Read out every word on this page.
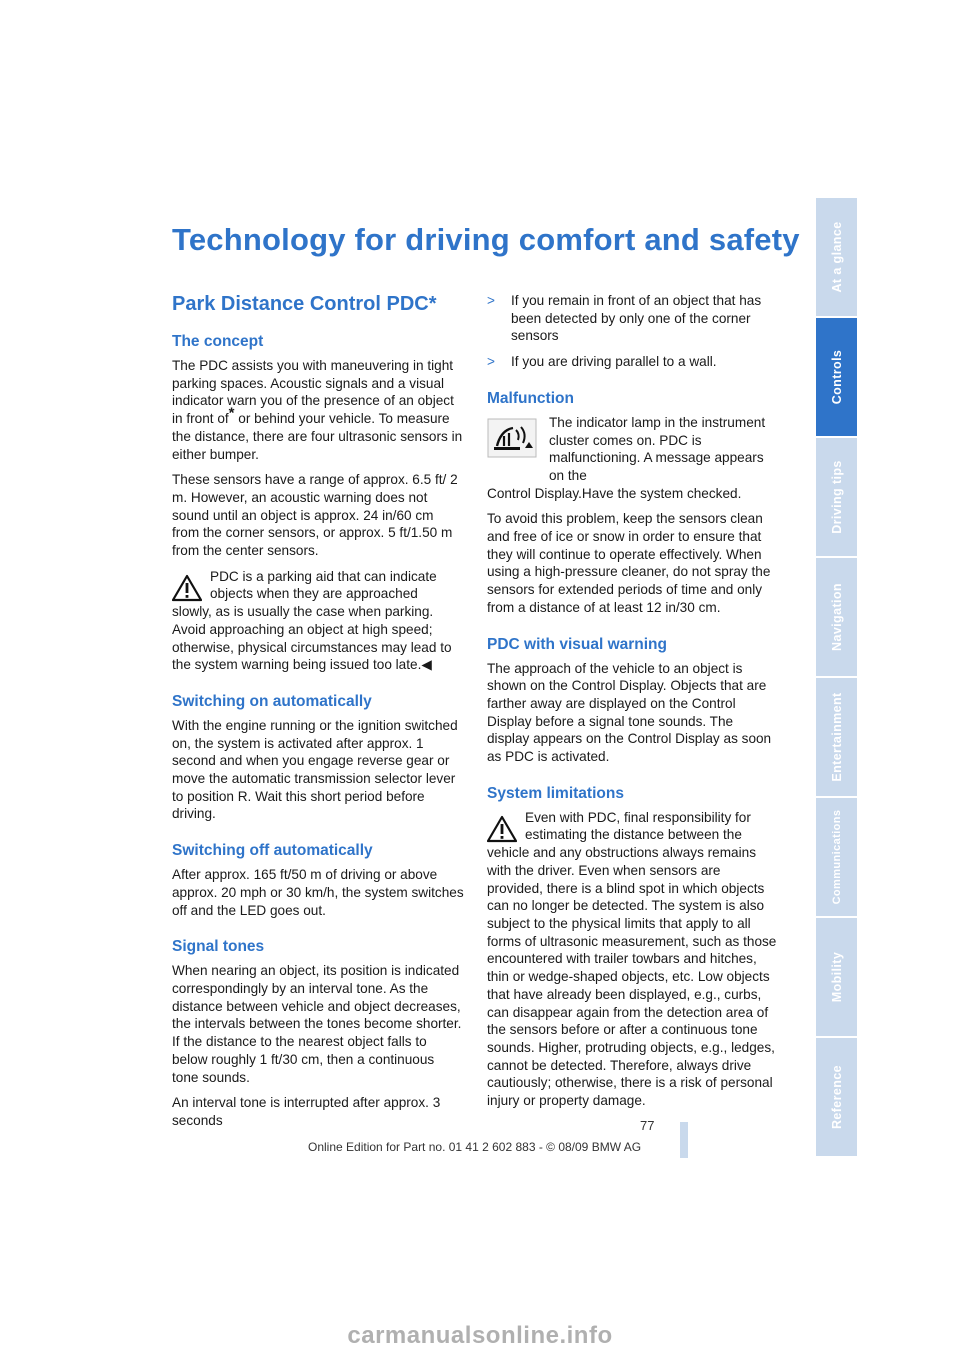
Technology for driving comfort and safety
Park Distance Control PDC*
The concept

The PDC assists you with maneuvering in tight parking spaces. Acoustic signals and a visual indicator warn you of the presence of an object in front of* or behind your vehicle. To measure the distance, there are four ultrasonic sensors in either bumper.

These sensors have a range of approx. 6.5 ft/ 2 m. However, an acoustic warning does not sound until an object is approx. 24 in/60 cm from the corner sensors, or approx. 5 ft/1.50 m from the center sensors.

PDC is a parking aid that can indicate objects when they are approached

slowly, as is usually the case when parking. Avoid approaching an object at high speed; otherwise, physical circumstances may lead to the system warning being issued too late.◀

Switching on automatically

With the engine running or the ignition switched on, the system is activated after approx. 1 second and when you engage reverse gear or move the automatic transmission selector lever to position R. Wait this short period before driving.

Switching off automatically

After approx. 165 ft/50 m of driving or above approx. 20 mph or 30 km/h, the system switches off and the LED goes out.

Signal tones

When nearing an object, its position is indicated correspondingly by an interval tone. As the distance between vehicle and object decreases, the intervals between the tones become shorter. If the distance to the nearest object falls to below roughly 1 ft/30 cm, then a continuous tone sounds.

An interval tone is interrupted after approx. 3 seconds

> If you remain in front of an object that has been detected by only one of the corner sensors
> If you are driving parallel to a wall.
Malfunction

The indicator lamp in the instrument cluster comes on. PDC is malfunctioning. A message appears on the

Control Display.Have the system checked.

To avoid this problem, keep the sensors clean and free of ice or snow in order to ensure that they will continue to operate effectively. When using a high-pressure cleaner, do not spray the sensors for extended periods of time and only from a distance of at least 12 in/30 cm.

PDC with visual warning

The approach of the vehicle to an object is shown on the Control Display. Objects that are farther away are displayed on the Control Display before a signal tone sounds. The display appears on the Control Display as soon as PDC is activated.

System limitations

Even with PDC, final responsibility for estimating the distance between the

vehicle and any obstructions always remains with the driver. Even when sensors are provided, there is a blind spot in which objects can no longer be detected. The system is also subject to the physical limits that apply to all forms of ultrasonic measurement, such as those encountered with trailer towbars and hitches, thin or wedge-shaped objects, etc. Low objects that have already been displayed, e.g., curbs, can disappear again from the detection area of the sensors before or after a continuous tone sounds. Higher, protruding objects, e.g., ledges, cannot be detected. Therefore, always drive cautiously; otherwise, there is a risk of personal injury or property damage.

77
Online Edition for Part no. 01 41 2 602 883 - © 08/09 BMW AG
At a glance
Controls
Driving tips
Navigation
Entertainment
Communications
Mobility
Reference
carmanualsonline.info
